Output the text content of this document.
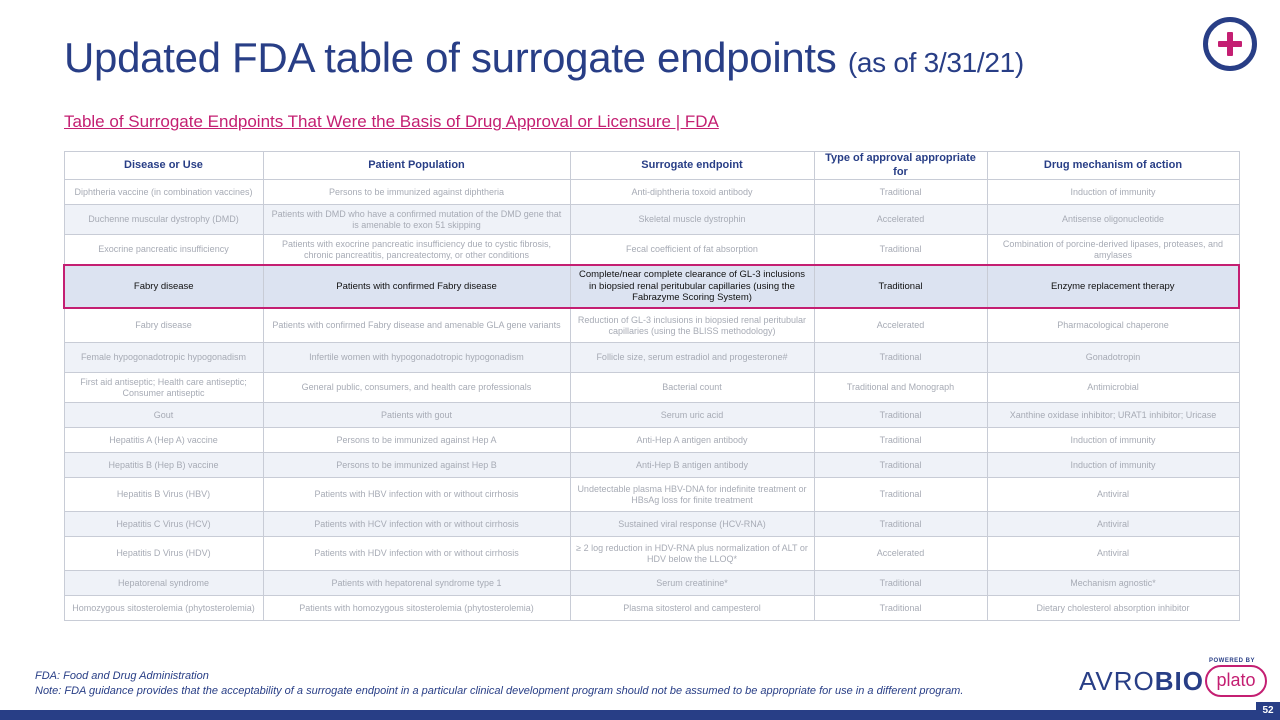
Updated FDA table of surrogate endpoints (as of 3/31/21)
Table of Surrogate Endpoints That Were the Basis of Drug Approval or Licensure | FDA
Disease or Use	Patient Population	Surrogate endpoint	Type of approval appropriate for	Drug mechanism of action
Diphtheria vaccine (in combination vaccines)	Persons to be immunized against diphtheria	Anti-diphtheria toxoid antibody	Traditional	Induction of immunity
Duchenne muscular dystrophy (DMD)	Patients with DMD who have a confirmed mutation of the DMD gene that is amenable to exon 51 skipping	Skeletal muscle dystrophin	Accelerated	Antisense oligonucleotide
Exocrine pancreatic insufficiency	Patients with exocrine pancreatic insufficiency due to cystic fibrosis, chronic pancreatitis, pancreatectomy, or other conditions	Fecal coefficient of fat absorption	Traditional	Combination of porcine-derived lipases, proteases, and amylases
Fabry disease	Patients with confirmed Fabry disease	Complete/near complete clearance of GL-3 inclusions in biopsied renal peritubular capillaries (using the Fabrazyme Scoring System)	Traditional	Enzyme replacement therapy
Fabry disease	Patients with confirmed Fabry disease and amenable GLA gene variants	Reduction of GL-3 inclusions in biopsied renal peritubular capillaries (using the BLISS methodology)	Accelerated	Pharmacological chaperone
Female hypogonadotropic hypogonadism	Infertile women with hypogonadotropic hypogonadism	Follicle size, serum estradiol and progesterone#	Traditional	Gonadotropin
First aid antiseptic; Health care antiseptic; Consumer antiseptic	General public, consumers, and health care professionals	Bacterial count	Traditional and Monograph	Antimicrobial
Gout	Patients with gout	Serum uric acid	Traditional	Xanthine oxidase inhibitor; URAT1 inhibitor; Uricase
Hepatitis A (Hep A) vaccine	Persons to be immunized against Hep A	Anti-Hep A antigen antibody	Traditional	Induction of immunity
Hepatitis B (Hep B) vaccine	Persons to be immunized against Hep B	Anti-Hep B antigen antibody	Traditional	Induction of immunity
Hepatitis B Virus (HBV)	Patients with HBV infection with or without cirrhosis	Undetectable plasma HBV-DNA for indefinite treatment or HBsAg loss for finite treatment	Traditional	Antiviral
Hepatitis C Virus (HCV)	Patients with HCV infection with or without cirrhosis	Sustained viral response (HCV-RNA)	Traditional	Antiviral
Hepatitis D Virus (HDV)	Patients with HDV infection with or without cirrhosis	≥ 2 log reduction in HDV-RNA plus normalization of ALT or HDV below the LLOQ*	Accelerated	Antiviral
Hepatorenal syndrome	Patients with hepatorenal syndrome type 1	Serum creatinine*	Traditional	Mechanism agnostic*
Homozygous sitosterolemia (phytosterolemia)	Patients with homozygous sitosterolemia (phytosterolemia)	Plasma sitosterol and campesterol	Traditional	Dietary cholesterol absorption inhibitor
FDA: Food and Drug Administration
Note: FDA guidance provides that the acceptability of a surrogate endpoint in a particular clinical development program should not be assumed to be appropriate for use in a different program.
POWERED BY
AVROBIO plato
52
